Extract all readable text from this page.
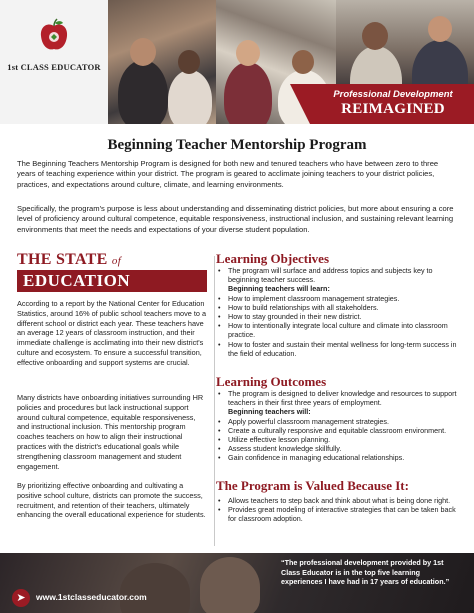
1st CLASS EDUCATOR
Professional Development
REIMAGINED
Beginning Teacher Mentorship Program

The Beginning Teachers Mentorship Program is designed for both new and tenured teachers who have between zero to three years of teaching experience within your district. The program is geared to acclimate joining teachers to your district policies, practices, and expectations around culture, climate, and learning environments.

Specifically, the program's purpose is less about understanding and disseminating district policies, but more about ensuring a core level of proficiency around cultural competence, equitable responsiveness, instructional inclusion, and sustaining relevant learning environments that meet the needs and expectations of your diverse student population.

THE STATE of
EDUCATION

According to a report by the National Center for Education Statistics, around 16% of public school teachers move to a different school or district each year. These teachers have an average 12 years of classroom instruction, and their immediate challenge is acclimating into their new district's culture and ecosystem. To ensure a successful transition, effective onboarding and support systems are crucial.

Many districts have onboarding initiatives surrounding HR policies and procedures but lack instructional support around cultural competence, equitable responsiveness, and instructional inclusion. This mentorship program coaches teachers on how to align their instructional practices with the district's educational goals while strengthening classroom management and student engagement.

By prioritizing effective onboarding and cultivating a positive school culture, districts can promote the success, recruitment, and retention of their teachers, ultimately enhancing the overall educational experience for students.

Learning Objectives
• The program will surface and address topics and subjects key to beginning teacher success.
Beginning teachers will learn:
• How to implement classroom management strategies.
• How to build relationships with all stakeholders.
• How to stay grounded in their new district.
• How to intentionally integrate local culture and climate into classroom practice.
• How to foster and sustain their mental wellness for long-term success in the field of education.
Learning Outcomes
• The program is designed to deliver knowledge and resources to support teachers in their first three years of employment.
Beginning teachers will:
• Apply powerful classroom management strategies.
• Create a culturally responsive and equitable classroom environment.
• Utilize effective lesson planning.
• Assess student knowledge skillfully.
• Gain confidence in managing educational relationships.
The Program is Valued Because It:
• Allows teachers to step back and think about what is being done right.
• Provides great modeling of interactive strategies that can be taken back for classroom adoption.

“The professional development provided by 1st Class Educator is in the top five learning experiences I have had in 17 years of education.”

➤	www.1stclasseducator.com
